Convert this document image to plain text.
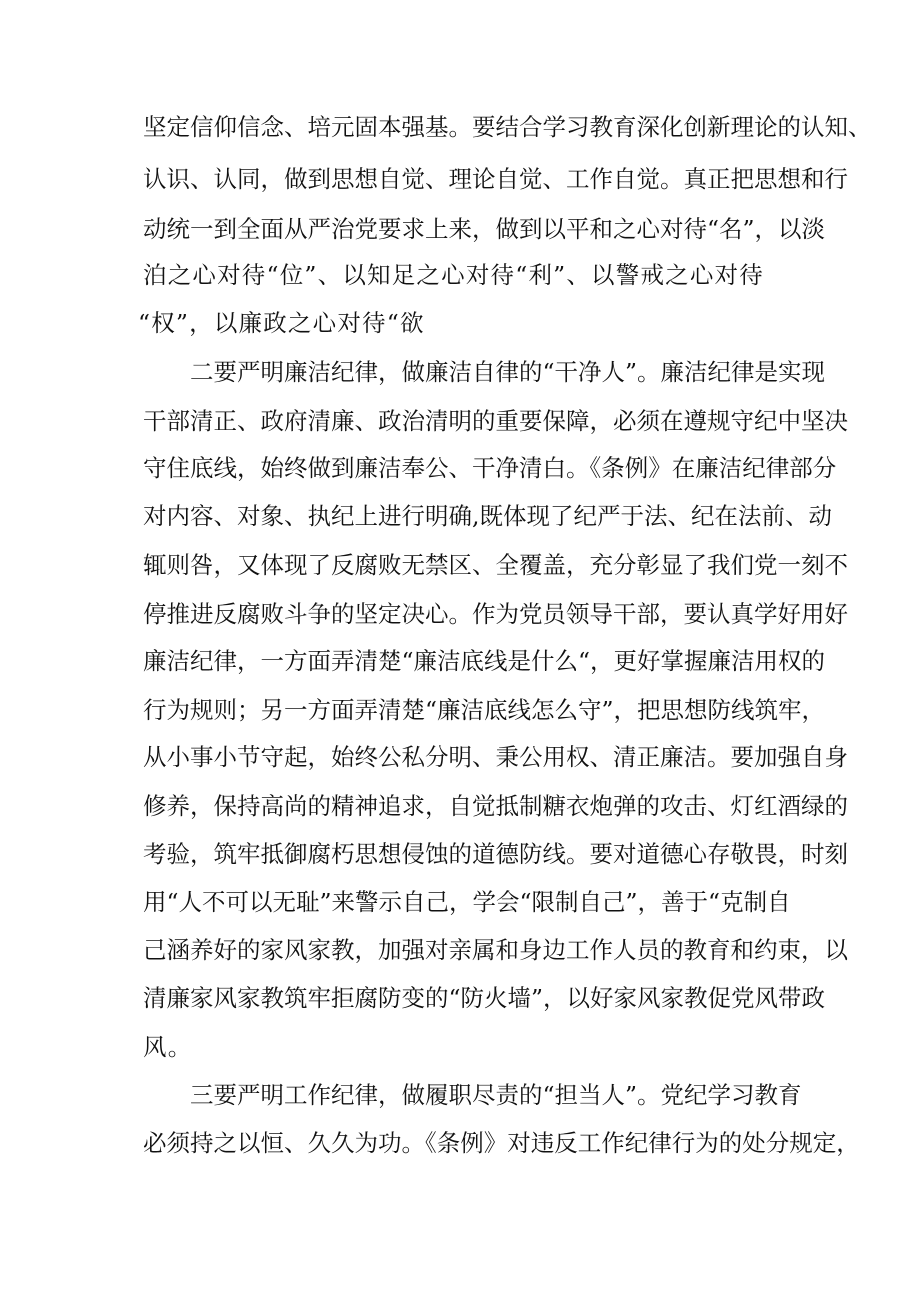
坚定信仰信念、培元固本强基。要结合学习教育深化创新理论的认知、
认识、认同，做到思想自觉、理论自觉、工作自觉。真正把思想和行
动统一到全面从严治党要求上来，做到以平和之心对待“名”，以淡
泊之心对待“位”、以知足之心对待“利”、以警戒之心对待
“权”，以廉政之心对待“欲
二要严明廉洁纪律，做廉洁自律的“干净人”。廉洁纪律是实现
干部清正、政府清廉、政治清明的重要保障，必须在遵规守纪中坚决
守住底线，始终做到廉洁奉公、干净清白。《条例》在廉洁纪律部分
对内容、对象、执纪上进行明确,既体现了纪严于法、纪在法前、动
辄则咎，又体现了反腐败无禁区、全覆盖，充分彰显了我们党一刻不
停推进反腐败斗争的坚定决心。作为党员领导干部，要认真学好用好
廉洁纪律，一方面弄清楚“廉洁底线是什么“，更好掌握廉洁用权的
行为规则；另一方面弄清楚“廉洁底线怎么守”，把思想防线筑牢，
从小事小节守起，始终公私分明、秉公用权、清正廉洁。要加强自身
修养，保持高尚的精神追求，自觉抵制糖衣炮弹的攻击、灯红酒绿的
考验，筑牢抵御腐朽思想侵蚀的道德防线。要对道德心存敬畏，时刻
用“人不可以无耻”来警示自己，学会“限制自己”，善于“克制自
己涵养好的家风家教，加强对亲属和身边工作人员的教育和约束，以
清廉家风家教筑牢拒腐防变的“防火墙”，以好家风家教促党风带政
风。
三要严明工作纪律，做履职尽责的“担当人”。党纪学习教育
必须持之以恒、久久为功。《条例》对违反工作纪律行为的处分规定，
